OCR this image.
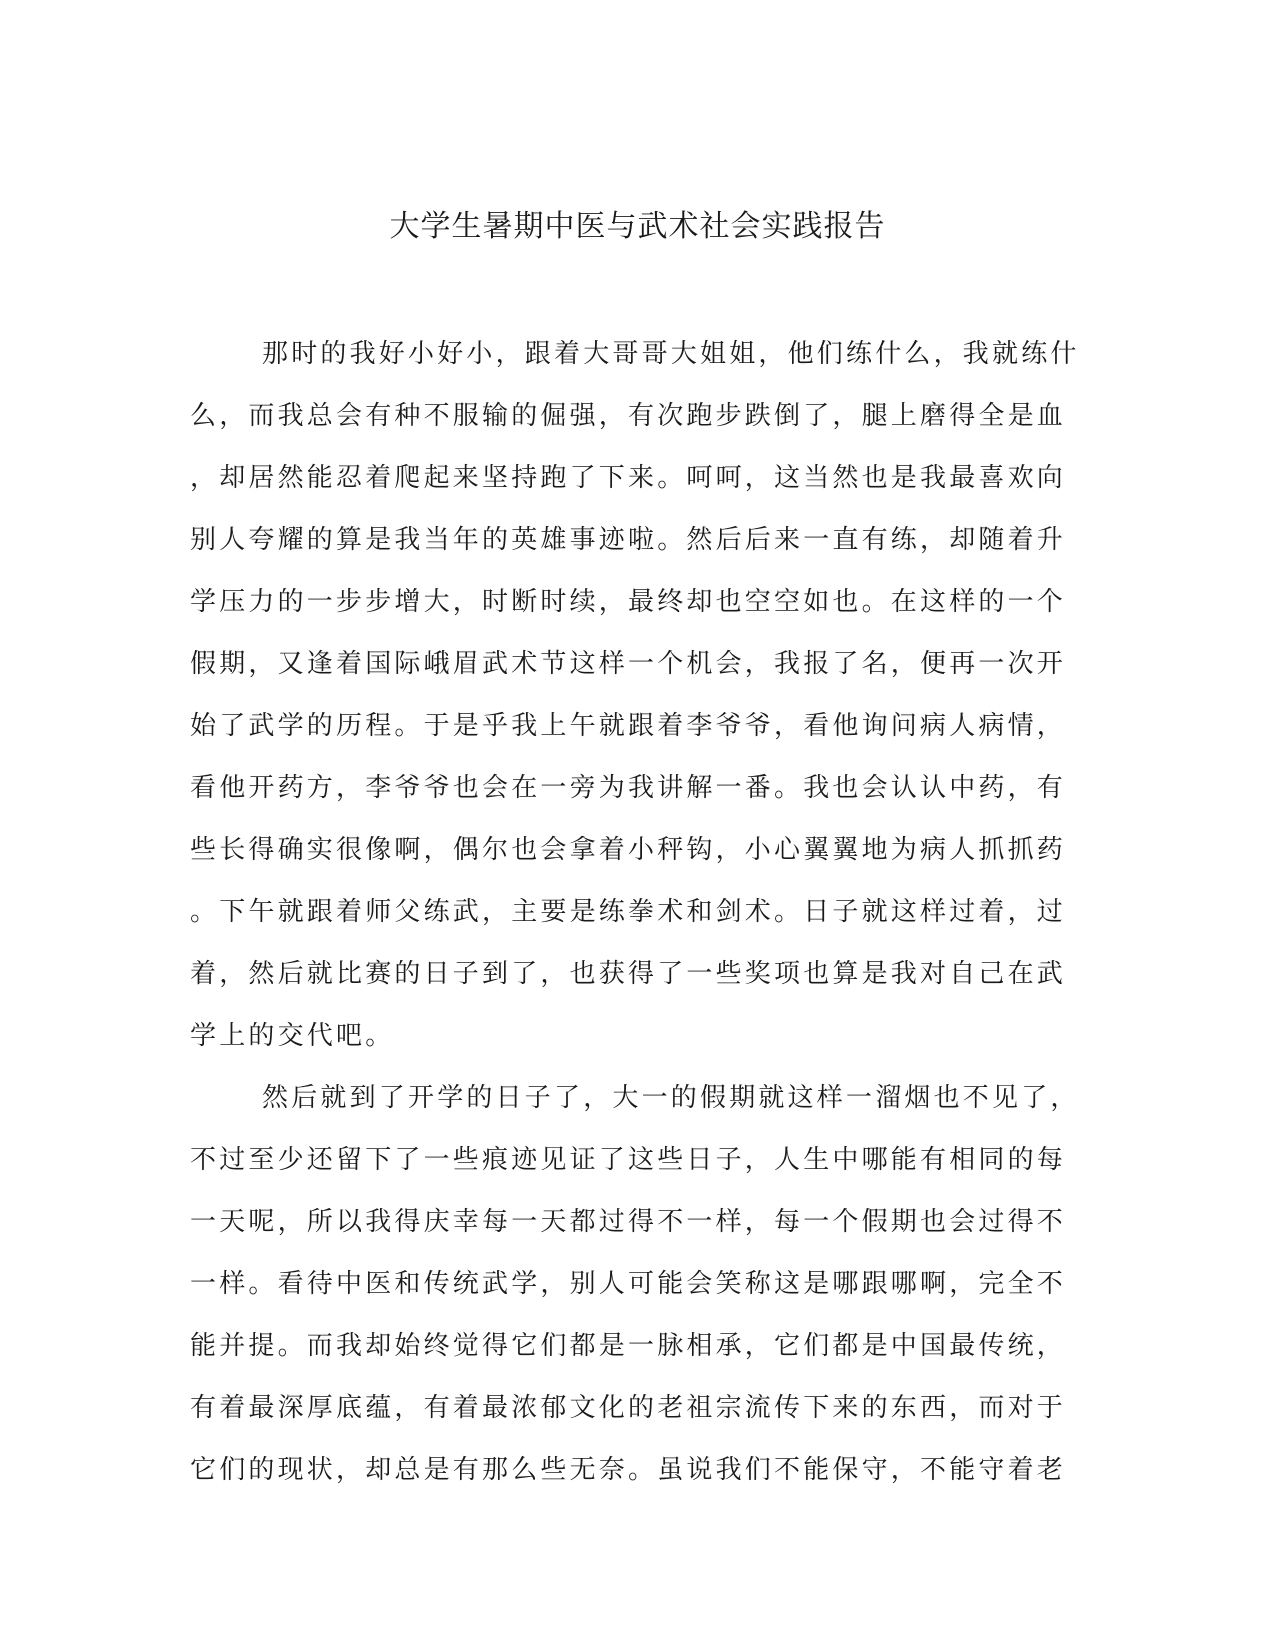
大学生暑期中医与武术社会实践报告
那时的我好小好小，跟着大哥哥大姐姐，他们练什么，我就练什
么，而我总会有种不服输的倔强，有次跑步跌倒了，腿上磨得全是血
，却居然能忍着爬起来坚持跑了下来。呵呵，这当然也是我最喜欢向
别人夸耀的算是我当年的英雄事迹啦。然后后来一直有练，却随着升
学压力的一步步增大，时断时续，最终却也空空如也。在这样的一个
假期，又逢着国际峨眉武术节这样一个机会，我报了名，便再一次开
始了武学的历程。于是乎我上午就跟着李爷爷，看他询问病人病情，
看他开药方，李爷爷也会在一旁为我讲解一番。我也会认认中药，有
些长得确实很像啊，偶尔也会拿着小秤钩，小心翼翼地为病人抓抓药
。下午就跟着师父练武，主要是练拳术和剑术。日子就这样过着，过
着，然后就比赛的日子到了，也获得了一些奖项也算是我对自己在武
学上的交代吧。
然后就到了开学的日子了，大一的假期就这样一溜烟也不见了，
不过至少还留下了一些痕迹见证了这些日子，人生中哪能有相同的每
一天呢，所以我得庆幸每一天都过得不一样，每一个假期也会过得不
一样。看待中医和传统武学，别人可能会笑称这是哪跟哪啊，完全不
能并提。而我却始终觉得它们都是一脉相承，它们都是中国最传统，
有着最深厚底蕴，有着最浓郁文化的老祖宗流传下来的东西，而对于
它们的现状，却总是有那么些无奈。虽说我们不能保守，不能守着老
